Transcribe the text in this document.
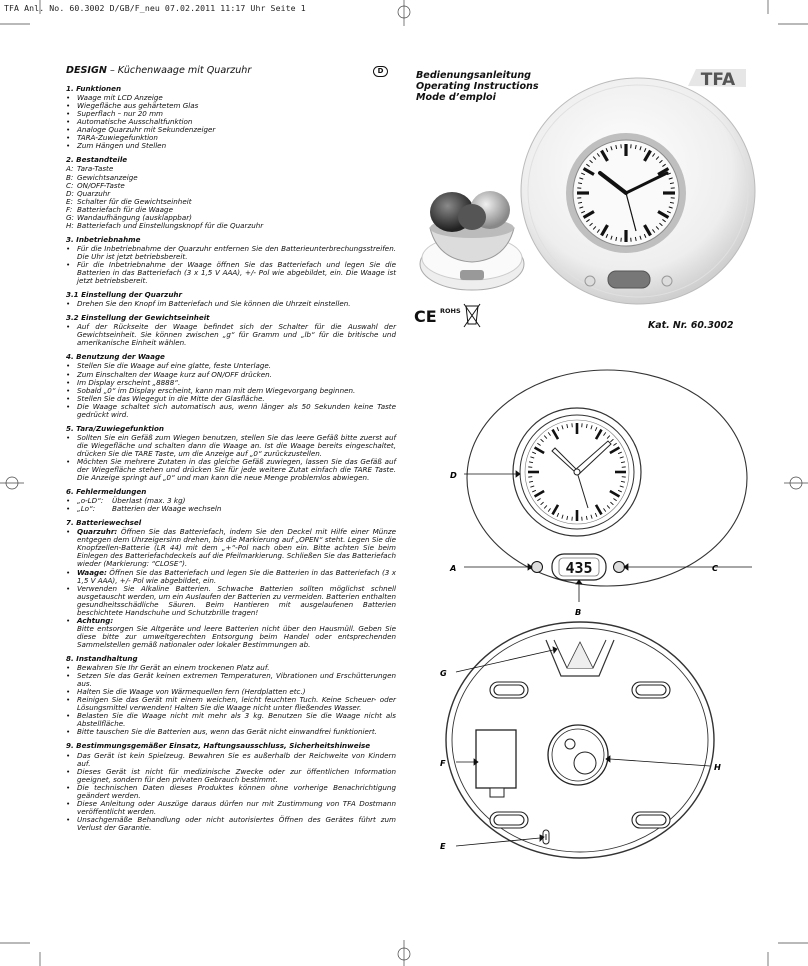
TFA Anl. No. 60.3002 D/GB/F_neu 07.02.2011 11:17 Uhr Seite 1
DESIGN – Küchenwaage mit Quarzuhr	D
1. Funktionen
• Waage mit LCD Anzeige
• Wiegefläche aus gehärtetem Glas
• Superflach – nur 20 mm
• Automatische Ausschaltfunktion
• Analoge Quarzuhr mit Sekundenzeiger
• TARA-Zuwiegefunktion
• Zum Hängen und Stellen
2. Bestandteile
A: Tara-Taste
B: Gewichtsanzeige
C: ON/OFF-Taste
D: Quarzuhr
E: Schalter für die Gewichtseinheit
F: Batteriefach für die Waage
G: Wandaufhängung (ausklappbar)
H: Batteriefach und Einstellungsknopf für die Quarzuhr
3. Inbetriebnahme
• Für die Inbetriebnahme der Quarzuhr entfernen Sie den Batterieunterbrechungsstreifen. Die Uhr ist jetzt betriebsbereit.
• Für die Inbetriebnahme der Waage öffnen Sie das Batteriefach und legen Sie die Batterien in das Batteriefach (3 x 1,5 V AAA), +/- Pol wie abgebildet, ein. Die Waage ist jetzt betriebsbereit.
3.1 Einstellung der Quarzuhr
• Drehen Sie den Knopf im Batteriefach und Sie können die Uhrzeit einstellen.
3.2 Einstellung der Gewichtseinheit
• Auf der Rückseite der Waage befindet sich der Schalter für die Auswahl der Gewichtseinheit. Sie können zwischen „g“ für Gramm und „lb“ für die britische und amerikanische Einheit wählen.
4. Benutzung der Waage
• Stellen Sie die Waage auf eine glatte, feste Unterlage.
• Zum Einschalten der Waage kurz auf ON/OFF drücken.
• Im Display erscheint „8888“.
• Sobald „0“ im Display erscheint, kann man mit dem Wiegevorgang beginnen.
• Stellen Sie das Wiegegut in die Mitte der Glasfläche.
• Die Waage schaltet sich automatisch aus, wenn länger als 50 Sekunden keine Taste gedrückt wird.
5. Tara/Zuwiegefunktion
• Sollten Sie ein Gefäß zum Wiegen benutzen, stellen Sie das leere Gefäß bitte zuerst auf die Wiegefläche und schalten dann die Waage an. Ist die Waage bereits eingeschaltet, drücken Sie die TARE Taste, um die Anzeige auf „0“ zurückzustellen.
• Möchten Sie mehrere Zutaten in das gleiche Gefäß zuwiegen, lassen Sie das Gefäß auf der Wiegefläche stehen und drücken Sie für jede weitere Zutat einfach die TARE Taste. Die Anzeige springt auf „0“ und man kann die neue Menge problemlos abwiegen.
6. Fehlermeldungen
• „o-LD“: Überlast (max. 3 kg)
• „Lo“: Batterien der Waage wechseln
7. Batteriewechsel
• Quarzuhr: Öffnen Sie das Batteriefach, indem Sie den Deckel mit Hilfe einer Münze entgegen dem Uhrzeigersinn drehen, bis die Markierung auf „OPEN“ steht. Legen Sie die Knopfzellen-Batterie (LR 44) mit dem „+“-Pol nach oben ein. Bitte achten Sie beim Einlegen des Batteriefachdeckels auf die Pfeilmarkierung. Schließen Sie das Batteriefach wieder (Markierung: “CLOSE”).
• Waage: Öffnen Sie das Batteriefach und legen Sie die Batterien in das Batteriefach (3 x 1,5 V AAA), +/- Pol wie abgebildet, ein.
• Verwenden Sie Alkaline Batterien. Schwache Batterien sollten möglichst schnell ausgetauscht werden, um ein Auslaufen der Batterien zu vermeiden. Batterien enthalten gesundheitsschädliche Säuren. Beim Hantieren mit ausgelaufenen Batterien beschichtete Handschuhe und Schutzbrille tragen!
• Achtung:
Bitte entsorgen Sie Altgeräte und leere Batterien nicht über den Hausmüll. Geben Sie diese bitte zur umweltgerechten Entsorgung beim Handel oder entsprechenden Sammelstellen gemäß nationaler oder lokaler Bestimmungen ab.
8. Instandhaltung
• Bewahren Sie Ihr Gerät an einem trockenen Platz auf.
• Setzen Sie das Gerät keinen extremen Temperaturen, Vibrationen und Erschütterungen aus.
• Halten Sie die Waage von Wärmequellen fern (Herdplatten etc.)
• Reinigen Sie das Gerät mit einem weichen, leicht feuchten Tuch. Keine Scheuer- oder Lösungsmittel verwenden! Halten Sie die Waage nicht unter fließendes Wasser.
• Belasten Sie die Waage nicht mit mehr als 3 kg. Benutzen Sie die Waage nicht als Abstellfläche.
• Bitte tauschen Sie die Batterien aus, wenn das Gerät nicht einwandfrei funktioniert.
9. Bestimmungsgemäßer Einsatz, Haftungsausschluss, Sicherheitshinweise
• Das Gerät ist kein Spielzeug. Bewahren Sie es außerhalb der Reichweite von Kindern auf.
• Dieses Gerät ist nicht für medizinische Zwecke oder zur öffentlichen Information geeignet, sondern für den privaten Gebrauch bestimmt.
• Die technischen Daten dieses Produktes können ohne vorherige Benachrichtigung geändert werden.
• Diese Anleitung oder Auszüge daraus dürfen nur mit Zustimmung von TFA Dostmann veröffentlicht werden.
• Unsachgemäße Behandlung oder nicht autorisiertes Öffnen des Gerätes führt zum Verlust der Garantie.
Bedienungsanleitung
Operating Instructions
Mode d’emploi
TFA
CE ROHS
Kat. Nr. 60.3002
435
D
A	C
B
G
F
E
H
